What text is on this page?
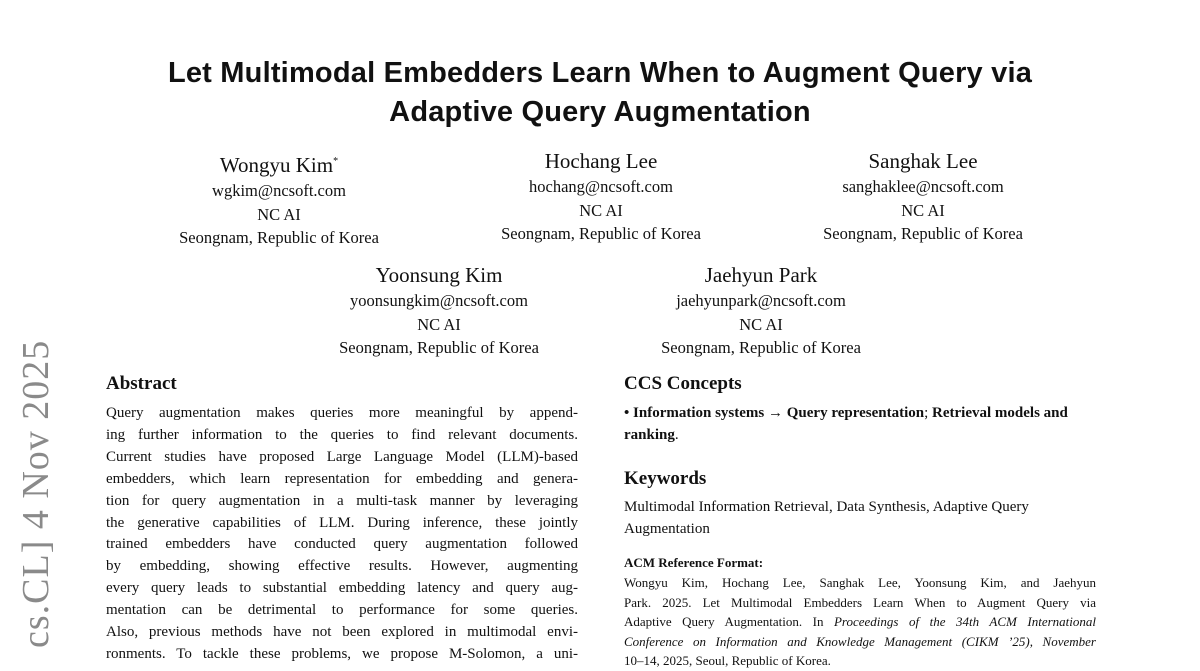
cs.CL] 4 Nov 2025
Let Multimodal Embedders Learn When to Augment Query via
Adaptive Query Augmentation
Wongyu Kim*
wgkim@ncsoft.com
NC AI
Seongnam, Republic of Korea
Hochang Lee
hochang@ncsoft.com
NC AI
Seongnam, Republic of Korea
Sanghak Lee
sanghaklee@ncsoft.com
NC AI
Seongnam, Republic of Korea
Yoonsung Kim
yoonsungkim@ncsoft.com
NC AI
Seongnam, Republic of Korea
Jaehyun Park
jaehyunpark@ncsoft.com
NC AI
Seongnam, Republic of Korea
Abstract
Query augmentation makes queries more meaningful by append-
ing further information to the queries to find relevant documents.
Current studies have proposed Large Language Model (LLM)-based
embedders, which learn representation for embedding and genera-
tion for query augmentation in a multi-task manner by leveraging
the generative capabilities of LLM. During inference, these jointly
trained embedders have conducted query augmentation followed
by embedding, showing effective results. However, augmenting
every query leads to substantial embedding latency and query aug-
mentation can be detrimental to performance for some queries.
Also, previous methods have not been explored in multimodal envi-
ronments. To tackle these problems, we propose M-Solomon, a uni-
CCS Concepts
• Information systems → Query representation; Retrieval models and ranking.
Keywords
Multimodal Information Retrieval, Data Synthesis, Adaptive Query Augmentation
ACM Reference Format:
Wongyu Kim, Hochang Lee, Sanghak Lee, Yoonsung Kim, and Jaehyun
Park. 2025. Let Multimodal Embedders Learn When to Augment Query via
Adaptive Query Augmentation. In Proceedings of the 34th ACM International
Conference on Information and Knowledge Management (CIKM ’25), November
10–14, 2025, Seoul, Republic of Korea.
